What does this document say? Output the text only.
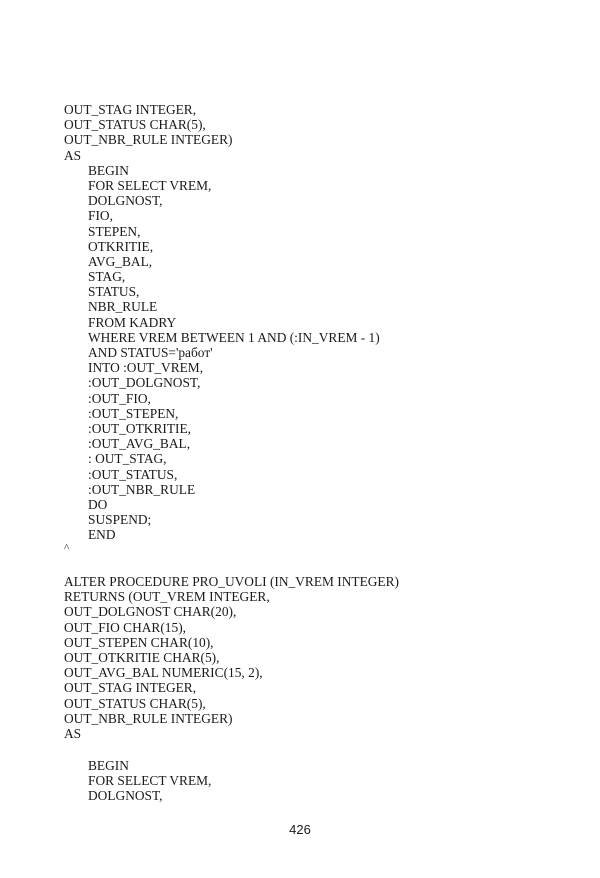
OUT_STAG INTEGER,
OUT_STATUS CHAR(5),
OUT_NBR_RULE INTEGER)
AS
BEGIN
FOR SELECT VREM,
DOLGNOST,
FIO,
STEPEN,
OTKRITIE,
AVG_BAL,
STAG,
STATUS,
NBR_RULE
FROM KADRY
WHERE VREM BETWEEN 1 AND (:IN_VREM - 1)
AND STATUS='работ'
INTO :OUT_VREM,
:OUT_DOLGNOST,
:OUT_FIO,
:OUT_STEPEN,
:OUT_OTKRITIE,
:OUT_AVG_BAL,
: OUT_STAG,
:OUT_STATUS,
:OUT_NBR_RULE
DO
SUSPEND;
END
^
ALTER PROCEDURE PRO_UVOLI (IN_VREM INTEGER)
RETURNS (OUT_VREM INTEGER,
OUT_DOLGNOST CHAR(20),
OUT_FIO CHAR(15),
OUT_STEPEN CHAR(10),
OUT_OTKRITIE CHAR(5),
OUT_AVG_BAL NUMERIC(15, 2),
OUT_STAG INTEGER,
OUT_STATUS CHAR(5),
OUT_NBR_RULE INTEGER)
AS
BEGIN
FOR SELECT VREM,
DOLGNOST,
426
